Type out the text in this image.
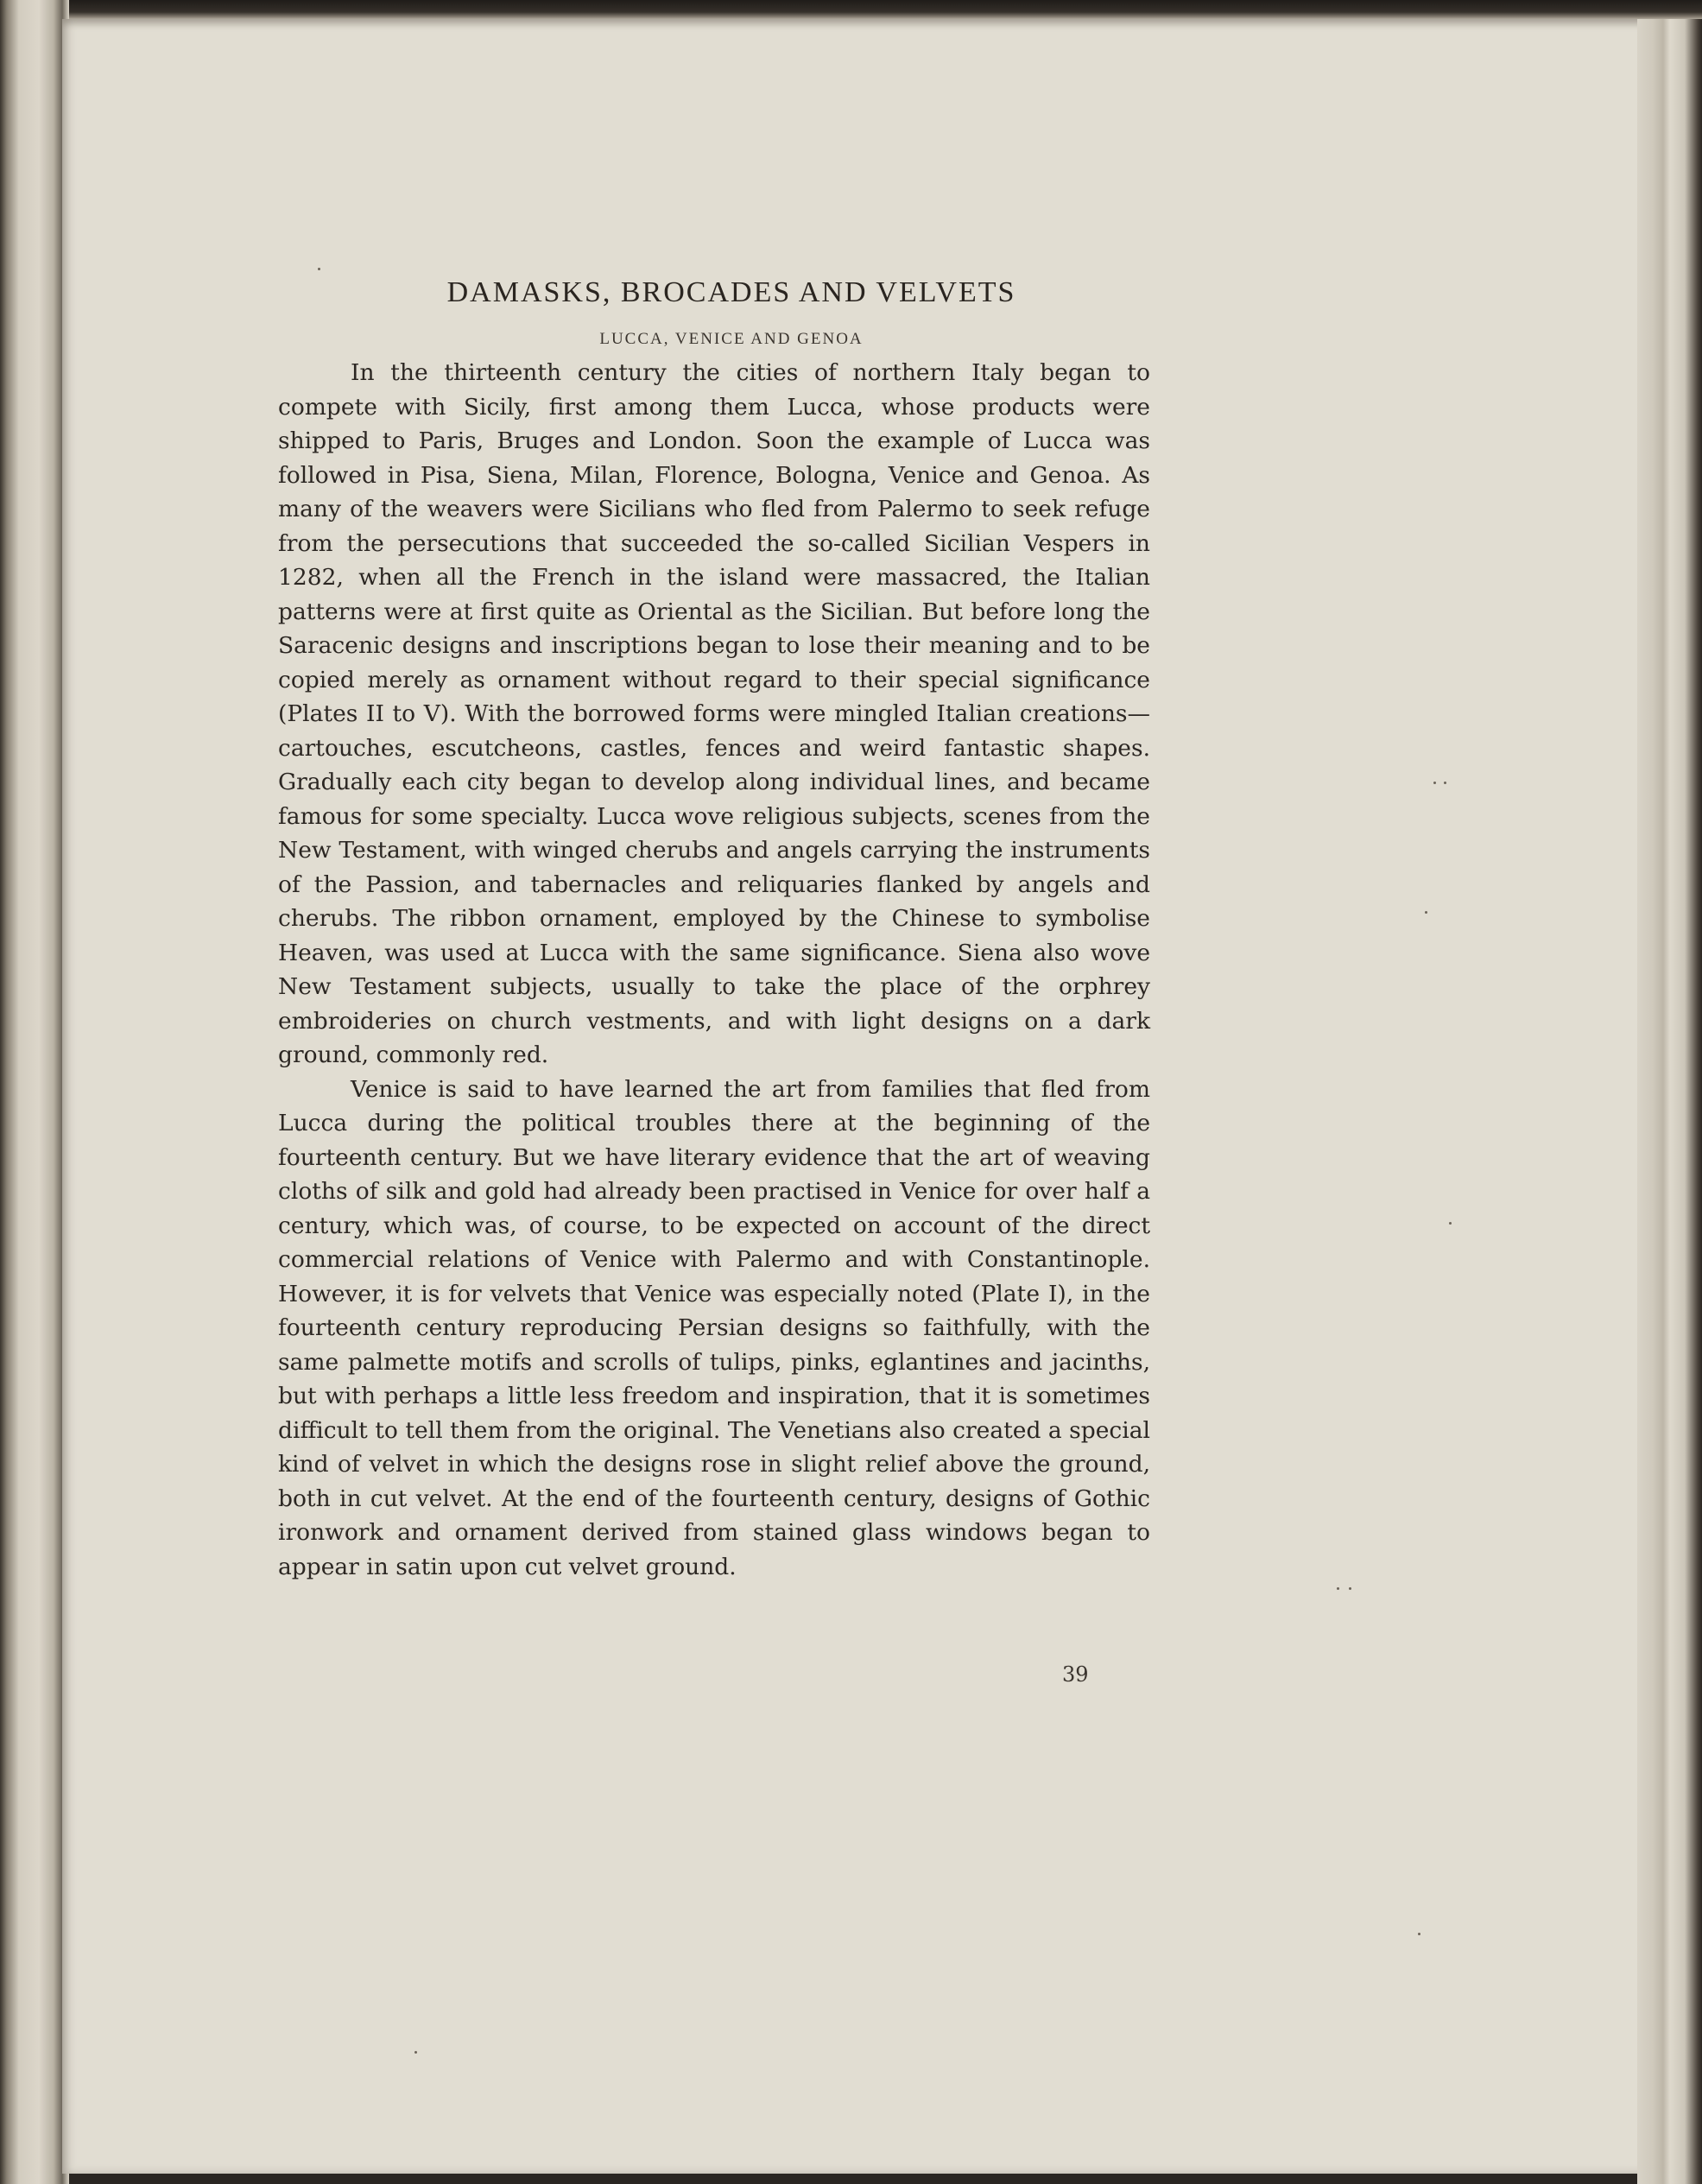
DAMASKS, BROCADES AND VELVETS
LUCCA, VENICE AND GENOA

In the thirteenth century the cities of northern Italy began to compete with Sicily, first among them Lucca, whose products were shipped to Paris, Bruges and London. Soon the example of Lucca was followed in Pisa, Siena, Milan, Florence, Bologna, Venice and Genoa. As many of the weavers were Sicilians who fled from Palermo to seek refuge from the persecutions that succeeded the so-called Sicilian Vespers in 1282, when all the French in the island were massacred, the Italian patterns were at first quite as Oriental as the Sicilian. But before long the Saracenic designs and inscriptions began to lose their meaning and to be copied merely as ornament without regard to their special significance (Plates II to V). With the borrowed forms were mingled Italian creations—cartouches, escutcheons, castles, fences and weird fantastic shapes. Gradually each city began to develop along individual lines, and became famous for some specialty. Lucca wove religious subjects, scenes from the New Testament, with winged cherubs and angels carrying the instruments of the Passion, and tabernacles and reliquaries flanked by angels and cherubs. The ribbon ornament, employed by the Chinese to symbolise Heaven, was used at Lucca with the same significance. Siena also wove New Testament subjects, usually to take the place of the orphrey embroideries on church vestments, and with light designs on a dark ground, commonly red.

Venice is said to have learned the art from families that fled from Lucca during the political troubles there at the beginning of the fourteenth century. But we have literary evidence that the art of weaving cloths of silk and gold had already been practised in Venice for over half a century, which was, of course, to be expected on account of the direct commercial relations of Venice with Palermo and with Constantinople. However, it is for velvets that Venice was especially noted (Plate I), in the fourteenth century reproducing Persian designs so faithfully, with the same palmette motifs and scrolls of tulips, pinks, eglantines and jacinths, but with perhaps a little less freedom and inspiration, that it is sometimes difficult to tell them from the original. The Venetians also created a special kind of velvet in which the designs rose in slight relief above the ground, both in cut velvet. At the end of the fourteenth century, designs of Gothic ironwork and ornament derived from stained glass windows began to appear in satin upon cut velvet ground.

39
